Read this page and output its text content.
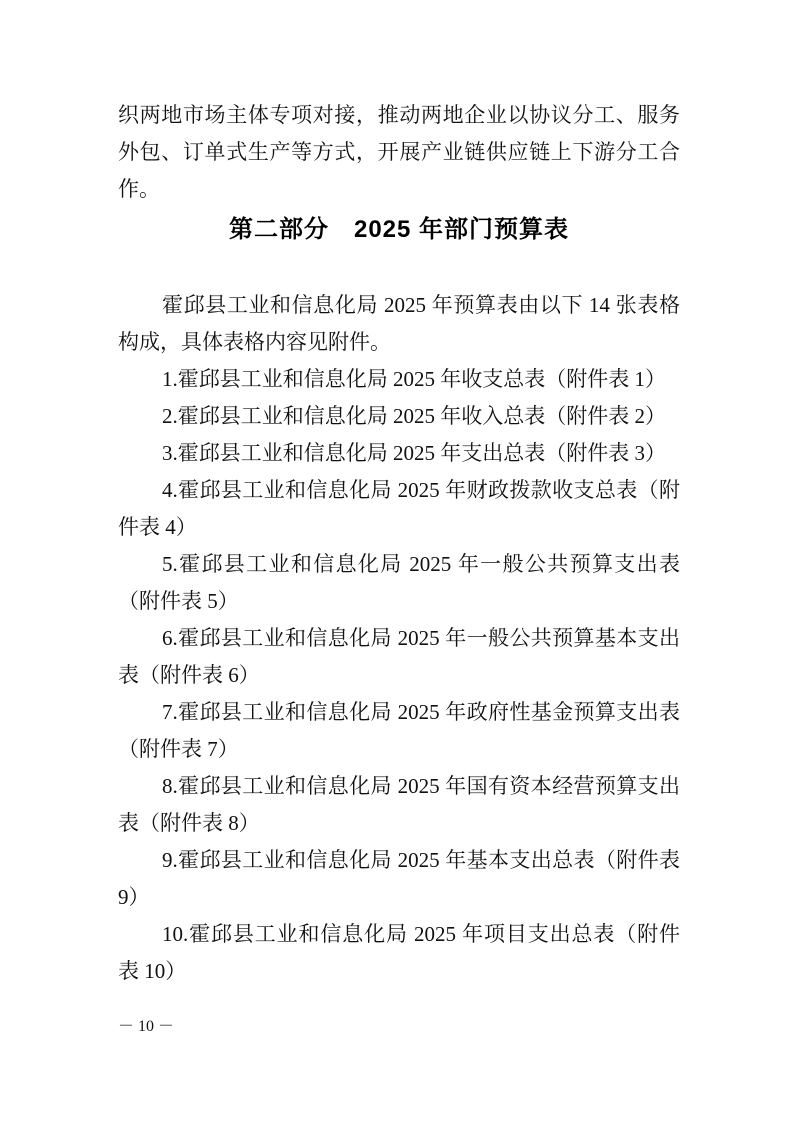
织两地市场主体专项对接，推动两地企业以协议分工、服务外包、订单式生产等方式，开展产业链供应链上下游分工合作。

第二部分　2025 年部门预算表

霍邱县工业和信息化局 2025 年预算表由以下 14 张表格构成，具体表格内容见附件。

1.霍邱县工业和信息化局 2025 年收支总表（附件表 1）

2.霍邱县工业和信息化局 2025 年收入总表（附件表 2）

3.霍邱县工业和信息化局 2025 年支出总表（附件表 3）

4.霍邱县工业和信息化局 2025 年财政拨款收支总表（附件表 4）

5.霍邱县工业和信息化局 2025 年一般公共预算支出表（附件表 5）

6.霍邱县工业和信息化局 2025 年一般公共预算基本支出表（附件表 6）

7.霍邱县工业和信息化局 2025 年政府性基金预算支出表（附件表 7）

8.霍邱县工业和信息化局 2025 年国有资本经营预算支出表（附件表 8）

9.霍邱县工业和信息化局 2025 年基本支出总表（附件表 9）

10.霍邱县工业和信息化局 2025 年项目支出总表（附件表 10）

－ 10 －
